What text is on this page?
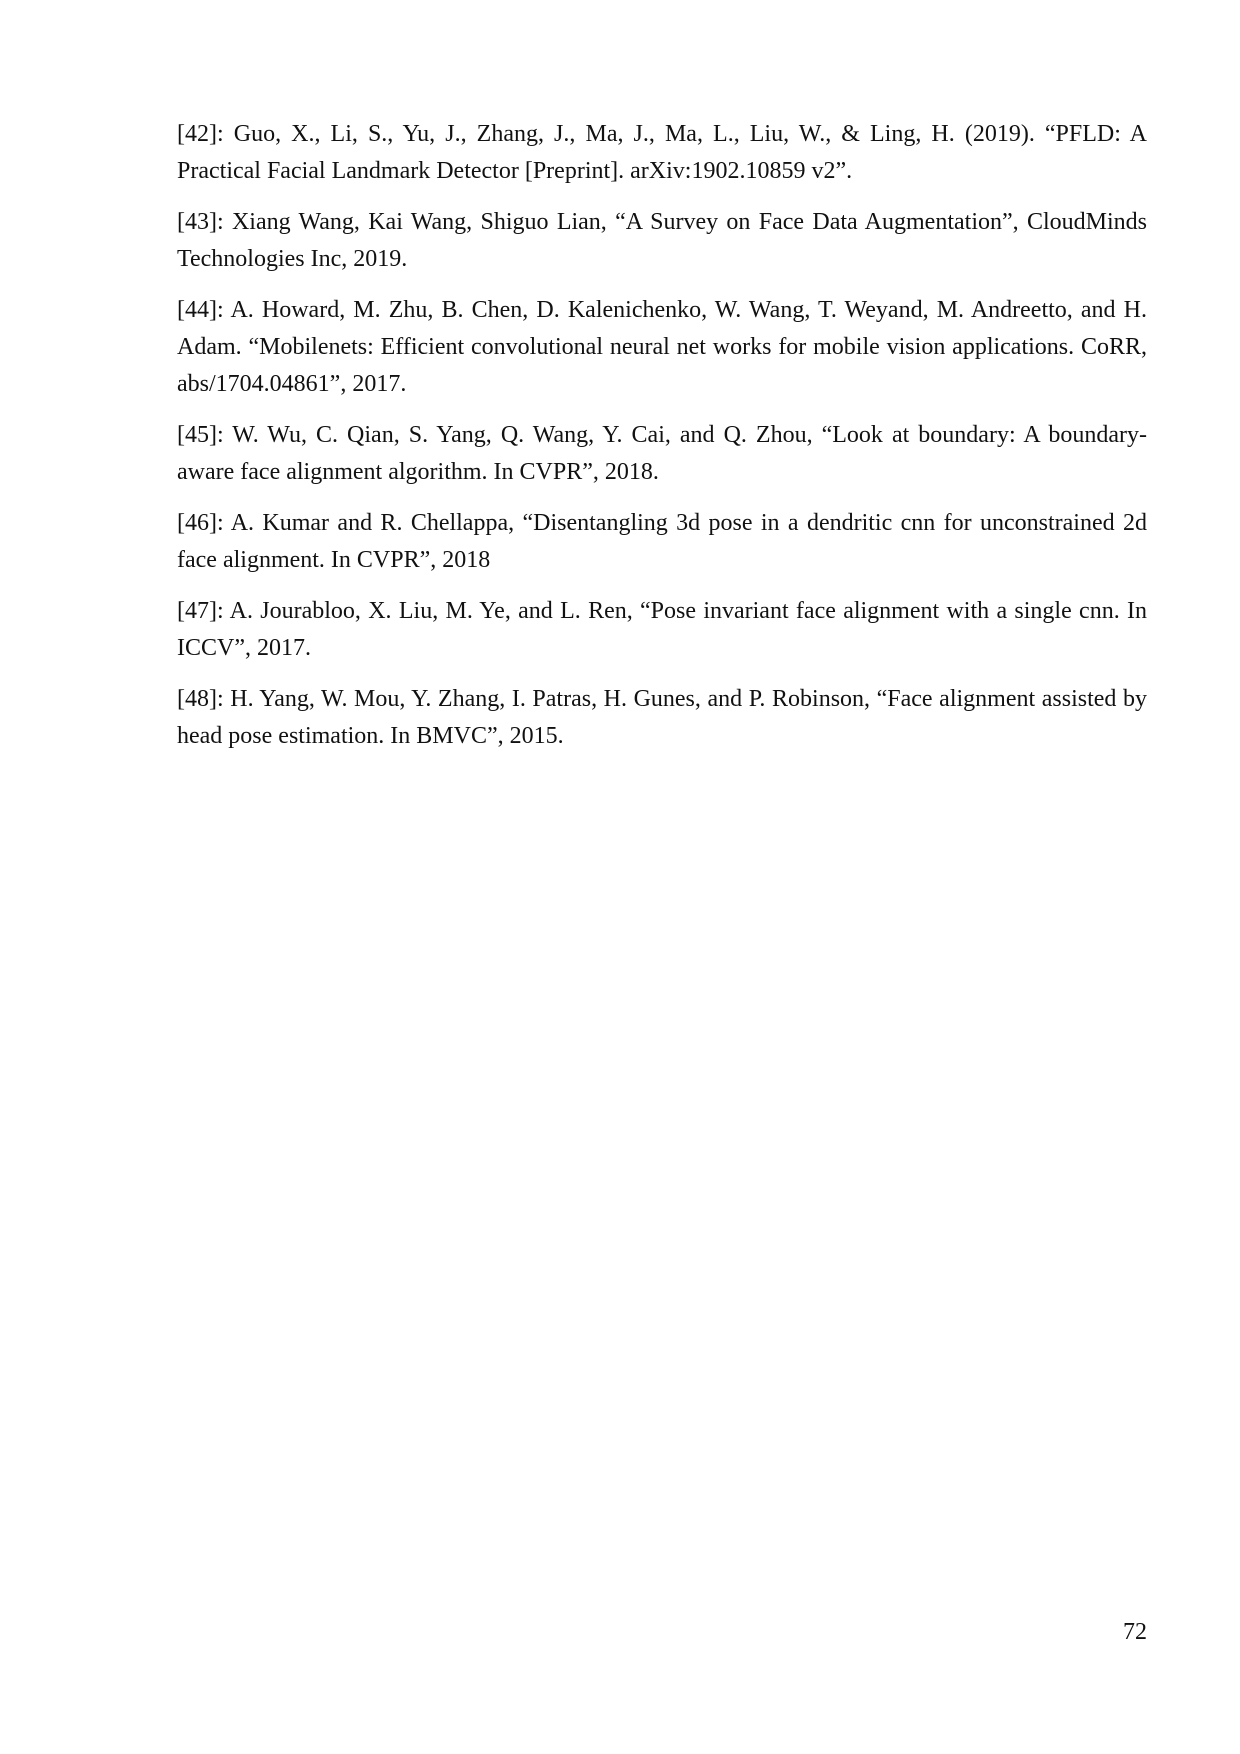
[42]: Guo, X., Li, S., Yu, J., Zhang, J., Ma, J., Ma, L., Liu, W., & Ling, H. (2019). “PFLD: A Practical Facial Landmark Detector [Preprint]. arXiv:1902.10859 v2”.
[43]: Xiang Wang, Kai Wang, Shiguo Lian, “A Survey on Face Data Augmentation”, CloudMinds Technologies Inc, 2019.
[44]: A. Howard, M. Zhu, B. Chen, D. Kalenichenko, W. Wang, T. Weyand, M. Andreetto, and H. Adam. “Mobilenets: Efficient convolutional neural net works for mobile vision applications. CoRR, abs/1704.04861”, 2017.
[45]: W. Wu, C. Qian, S. Yang, Q. Wang, Y. Cai, and Q. Zhou, “Look at boundary: A boundary-aware face alignment algorithm. In CVPR”, 2018.
[46]: A. Kumar and R. Chellappa, “Disentangling 3d pose in a dendritic cnn for unconstrained 2d face alignment. In CVPR”, 2018
[47]: A. Jourabloo, X. Liu, M. Ye, and L. Ren, “Pose invariant face alignment with a single cnn. In ICCV”, 2017.
[48]: H. Yang, W. Mou, Y. Zhang, I. Patras, H. Gunes, and P. Robinson, “Face alignment assisted by head pose estimation. In BMVC”, 2015.

72
